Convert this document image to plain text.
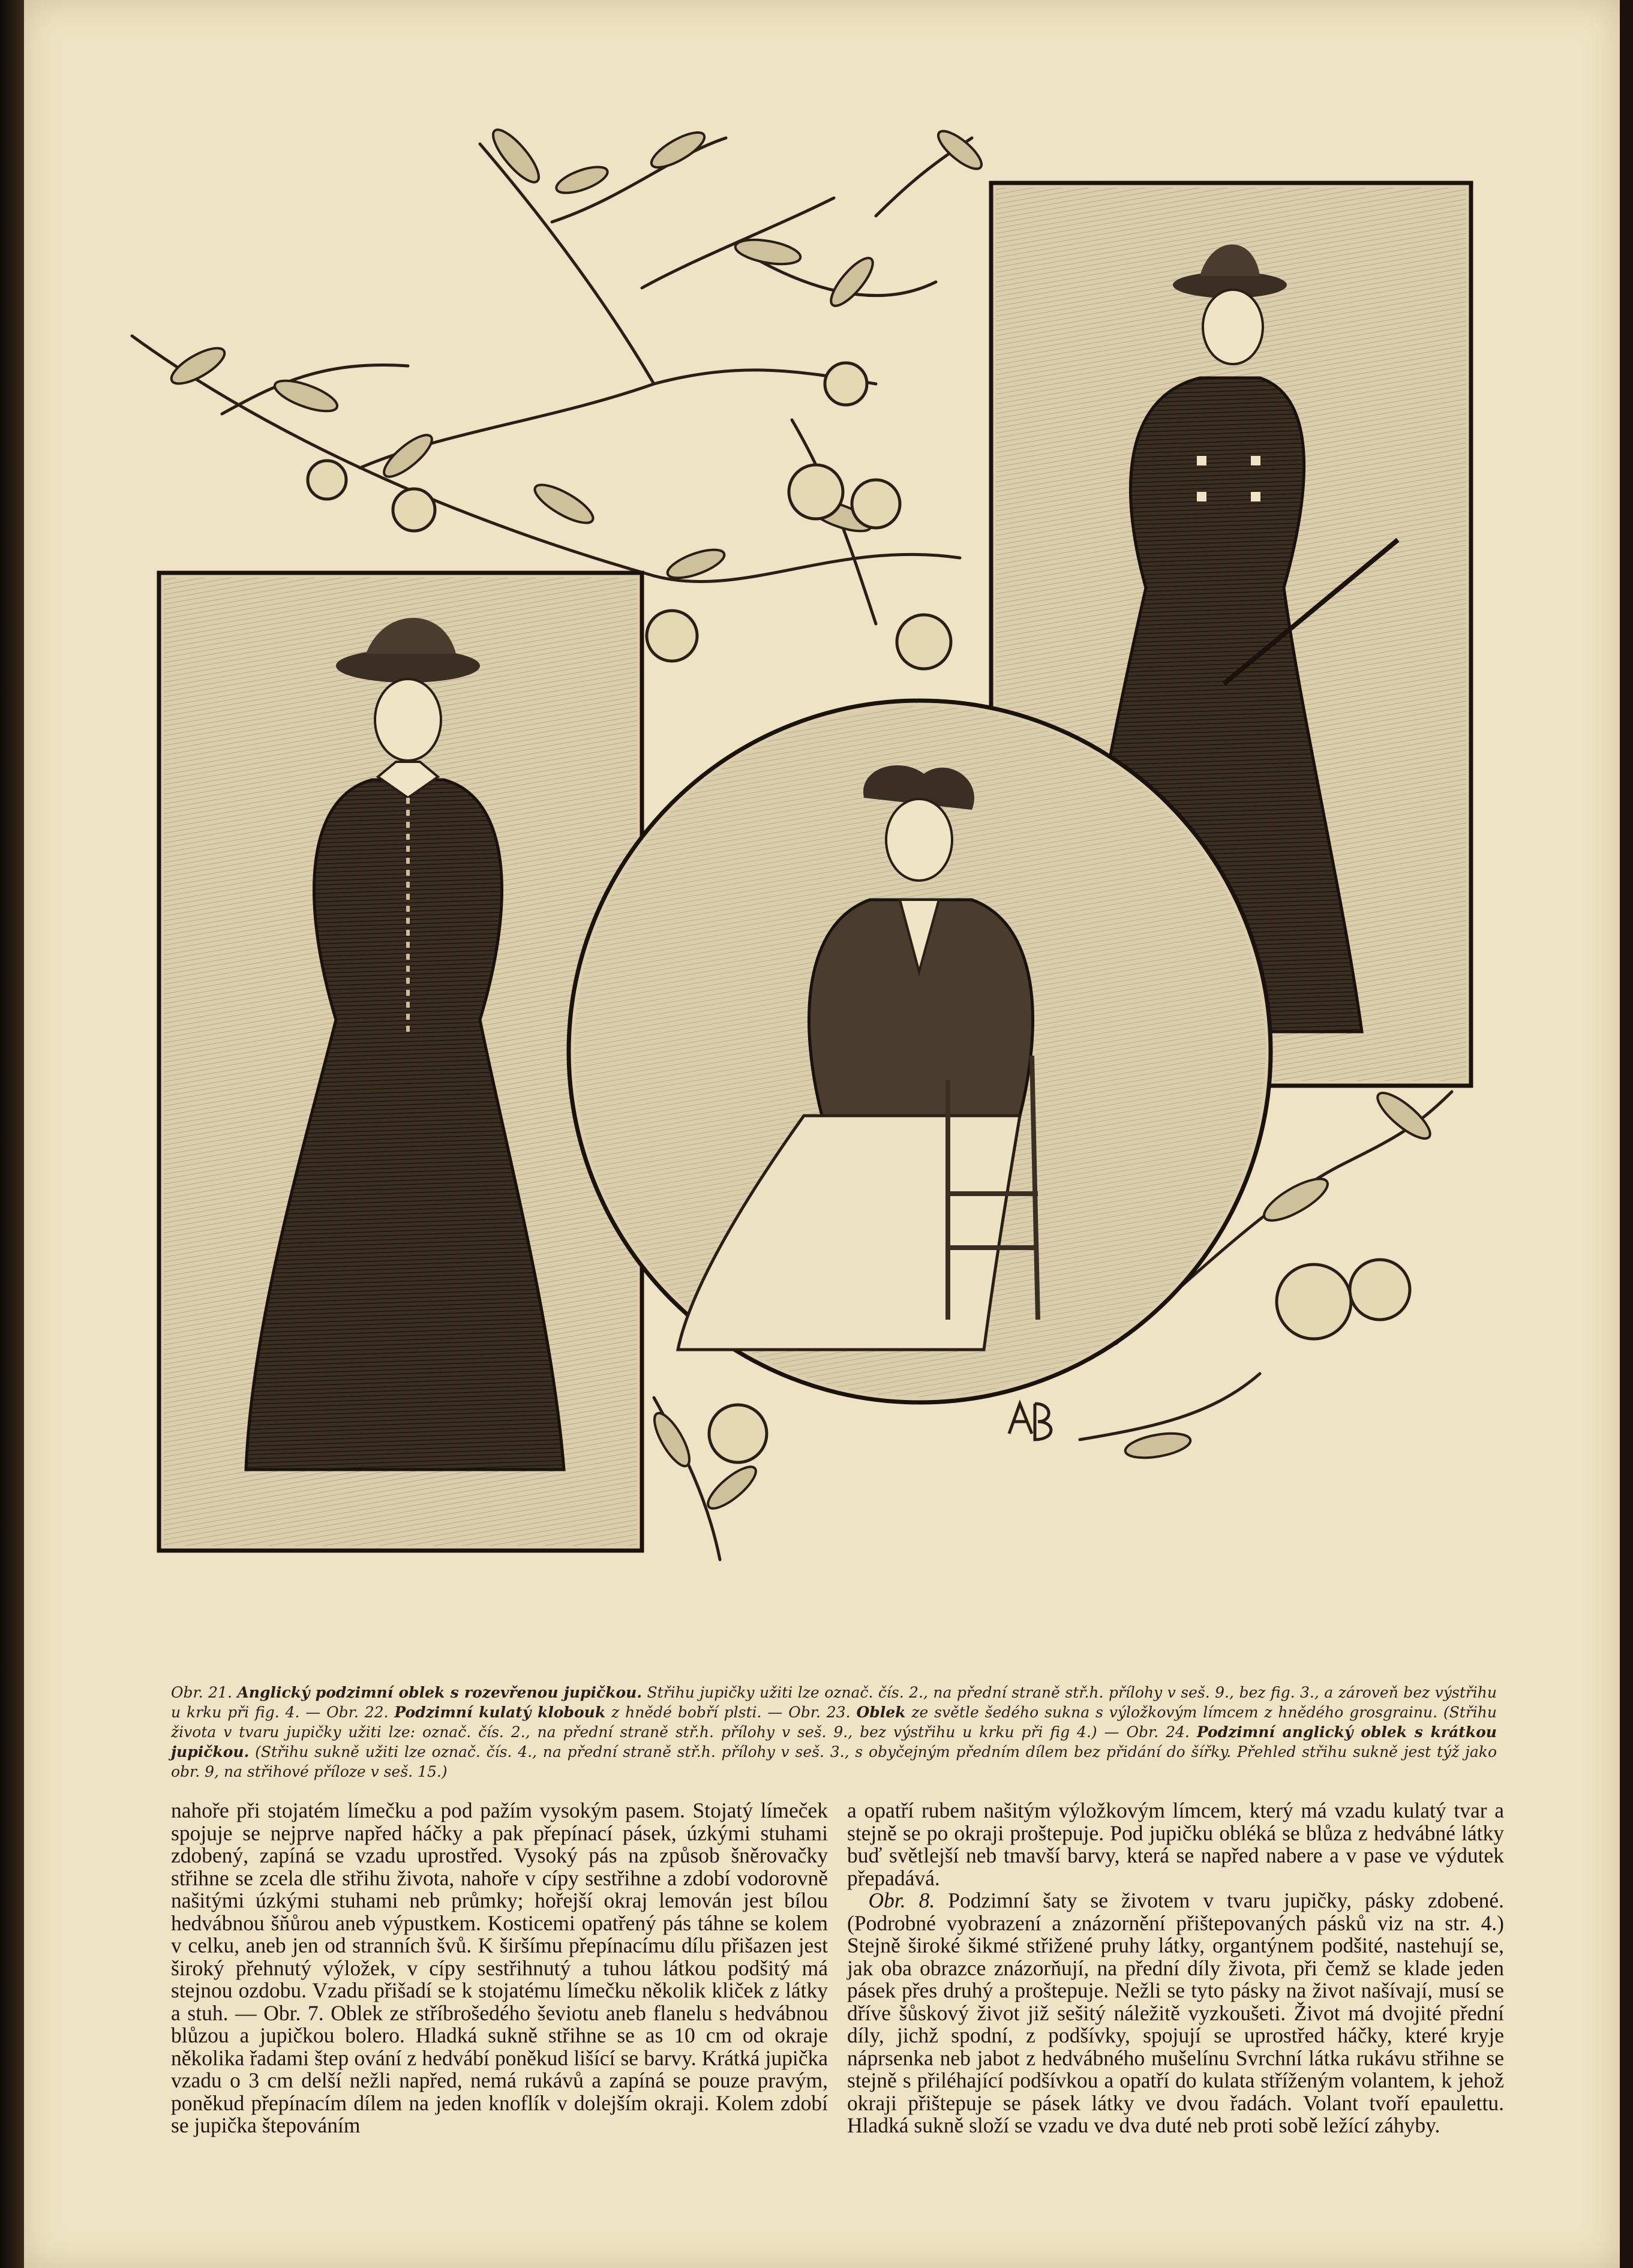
Obr. 21. Anglický podzimní oblek s rozevřenou jupičkou. Střihu jupičky užiti lze označ. čís. 2., na přední straně stř.h. přílohy v seš. 9., bez fig. 3., a zároveň bez výstřihu u krku při fig. 4. — Obr. 22. Podzimní kulatý klobouk z hnědé bobří plsti. — Obr. 23. Oblek ze světle šedého sukna s výložkovým límcem z hnědého grosgrainu. (Střihu života v tvaru jupičky užiti lze: označ. čís. 2., na přední straně stř.h. přílohy v seš. 9., bez výstřihu u krku při fig 4.) — Obr. 24. Podzimní anglický oblek s krátkou jupičkou. (Střihu sukně užiti lze označ. čís. 4., na přední straně stř.h. přílohy v seš. 3., s obyčejným předním dílem bez přidání do šířky. Přehled střihu sukně jest týž jako obr. 9, na střihové příloze v seš. 15.)
nahoře při stojatém límečku a pod pažím vysokým pasem. Stojatý límeček spojuje se nejprve napřed háčky a pak přepínací pásek, úzkými stuhami zdobený, zapíná se vzadu uprostřed. Vysoký pás na způsob šněrovačky střihne se zcela dle střihu života, nahoře v cípy sestřihne a zdobí vodorovně našitými úzkými stuhami neb průmky; hořejší okraj lemován jest bílou hedvábnou šňůrou aneb výpustkem. Kosticemi opatřený pás táhne se kolem v celku, aneb jen od stranních švů. K širšímu přepínacímu dílu přišazen jest široký přehnutý výložek, v cípy sestřihnutý a tuhou látkou podšitý má stejnou ozdobu. Vzadu přišadí se k stojatému límečku několik kliček z látky a stuh. — Obr. 7. Oblek ze stříbrošedého ševiotu aneb flanelu s hedvábnou blůzou a jupičkou bolero. Hladká sukně střihne se as 10 cm od okraje několika řadami štep ování z hedvábí poněkud lišící se barvy. Krátká jupička vzadu o 3 cm delší nežli napřed, nemá rukávů a zapíná se pouze pravým, poněkud přepínacím dílem na jeden knoflík v dolejším okraji. Kolem zdobí se jupička štepováním
a opatří rubem našitým výložkovým límcem, který má vzadu kulatý tvar a stejně se po okraji proštepuje. Pod jupičku obléká se blůza z hedvábné látky buď světlejší neb tmavší barvy, která se napřed nabere a v pase ve výdutek přepadává.
 Obr. 8. Podzimní šaty se životem v tvaru jupičky, pásky zdobené. (Podrobné vyobrazení a znázornění přištepovaných pásků viz na str. 4.) Stejně široké šikmé střižené pruhy látky, organtýnem podšité, nastehují se, jak oba obrazce znázorňují, na přední díly života, při čemž se klade jeden pásek přes druhý a proštepuje. Nežli se tyto pásky na život našívají, musí se dříve šůskový život již sešitý náležitě vyzkoušeti. Život má dvojité přední díly, jichž spodní, z podšívky, spojují se uprostřed háčky, které kryje náprsenka neb jabot z hedvábného mušelínu Svrchní látka rukávu střihne se stejně s přiléhající podšívkou a opatří do kulata stříženým volantem, k jehož okraji přištepuje se pásek látky ve dvou řadách. Volant tvoří epaulettu. Hladká sukně složí se vzadu ve dva duté neb proti sobě ležící záhyby.
